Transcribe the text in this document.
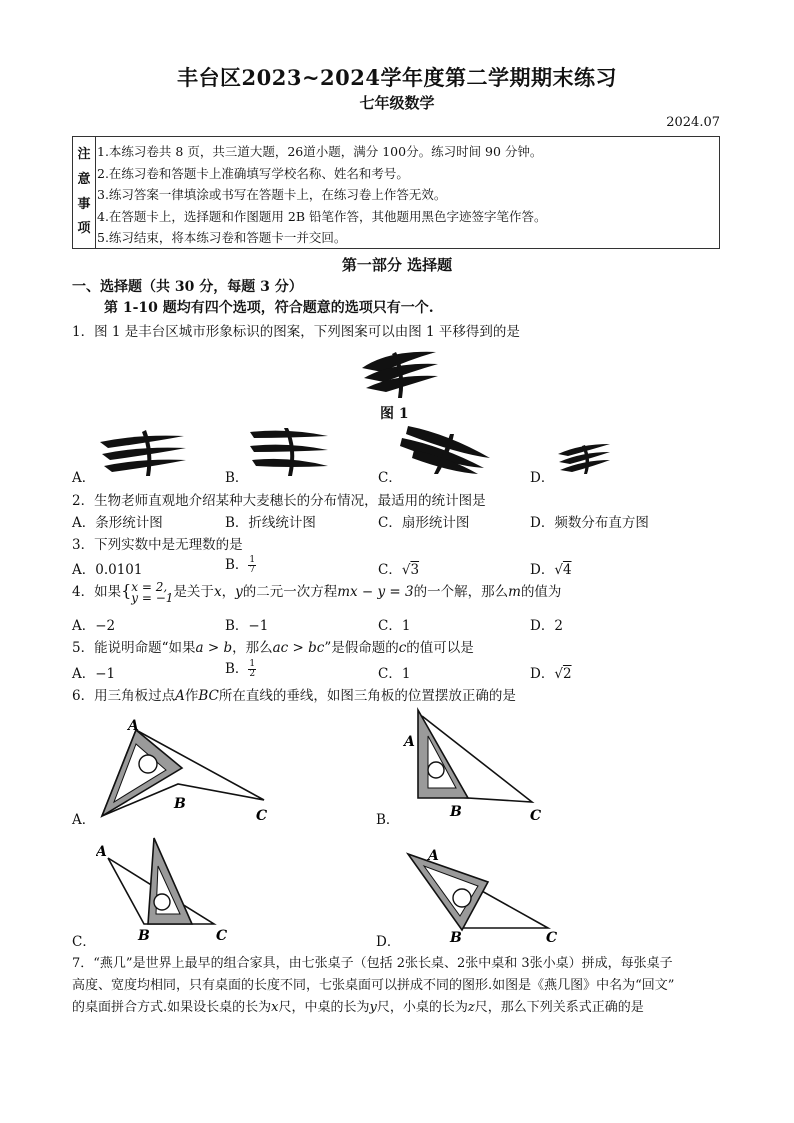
丰台区2023~2024学年度第二学期期末练习
七年级数学
2024.07
注
意
事
项
1.本练习卷共 8 页，共三道大题，26道小题，满分 100分。练习时间 90 分钟。
2.在练习卷和答题卡上准确填写学校名称、姓名和考号。
3.练习答案一律填涂或书写在答题卡上，在练习卷上作答无效。
4.在答题卡上，选择题和作图题用 2B 铅笔作答，其他题用黑色字迹签字笔作答。
5.练习结束，将本练习卷和答题卡一并交回。
第一部分 选择题
一、选择题（共 30 分，每题 3 分）
第 1-10 题均有四个选项，符合题意的选项只有一个.
1．图 1 是丰台区城市形象标识的图案，下列图案可以由图 1 平移得到的是
图 1
A．	B．	C．	D．
2．生物老师直观地介绍某种大麦穗长的分布情况，最适用的统计图是
A．条形统计图	B．折线统计图	C．扇形统计图	D．频数分布直方图
3．下列实数中是无理数的是
A．0.0101	B． $\frac{1}{7}$	C．√3	D．√4
4．如果{ x = 2,
y = −1 是关于x，y的二元一次方程mx − y = 3的一个解，那么m的值为
A．−2	B．−1	C．1	D．2
5．能说明命题“如果a > b，那么ac > bc”是假命题的c的值可以是
A．−1	B． $\frac{1}{2}$	C．1	D．√2
6．用三角板过点A作BC所在直线的垂线，如图三角板的位置摆放正确的是
A．
A
B
C	B．
A
B	C
C．
A
B	C	D．
A
B	C
7．“燕几”是世界上最早的组合家具，由七张桌子（包括 2张长桌、2张中桌和 3张小桌）拼成，每张桌子
高度、宽度均相同，只有桌面的长度不同，七张桌面可以拼成不同的图形.如图是《燕几图》中名为“回文”
的桌面拼合方式.如果设长桌的长为x尺，中桌的长为y尺，小桌的长为z尺，那么下列关系式正确的是
